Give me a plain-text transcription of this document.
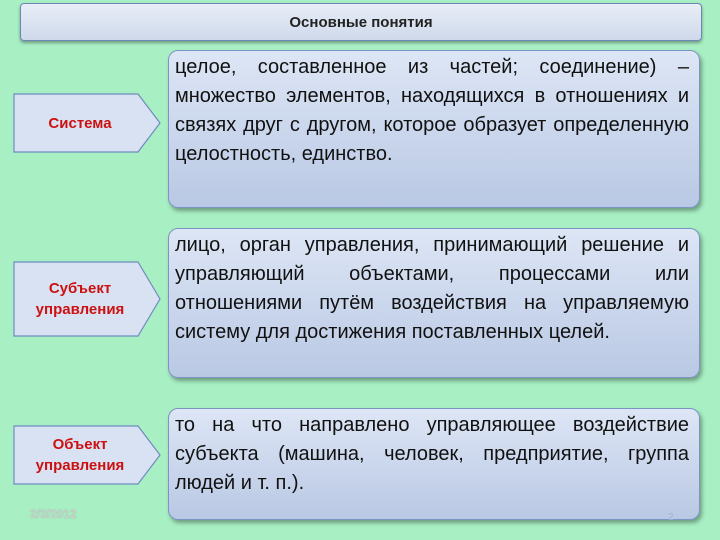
Основные понятия
Система
целое, составленное из частей; соединение) – множество элементов, находящихся в отношениях и связях друг с другом, которое образует определенную целостность, единство.
Субъект управления
лицо, орган управления, принимающий решение и управляющий объектами, процессами или отношениями путём воздействия на управляемую систему для достижения поставленных целей.
Объект управления
то на что направлено управляющее воздействие субъекта (машина, человек, предприятие, группа людей и т. п.).
2/3/2012	2
